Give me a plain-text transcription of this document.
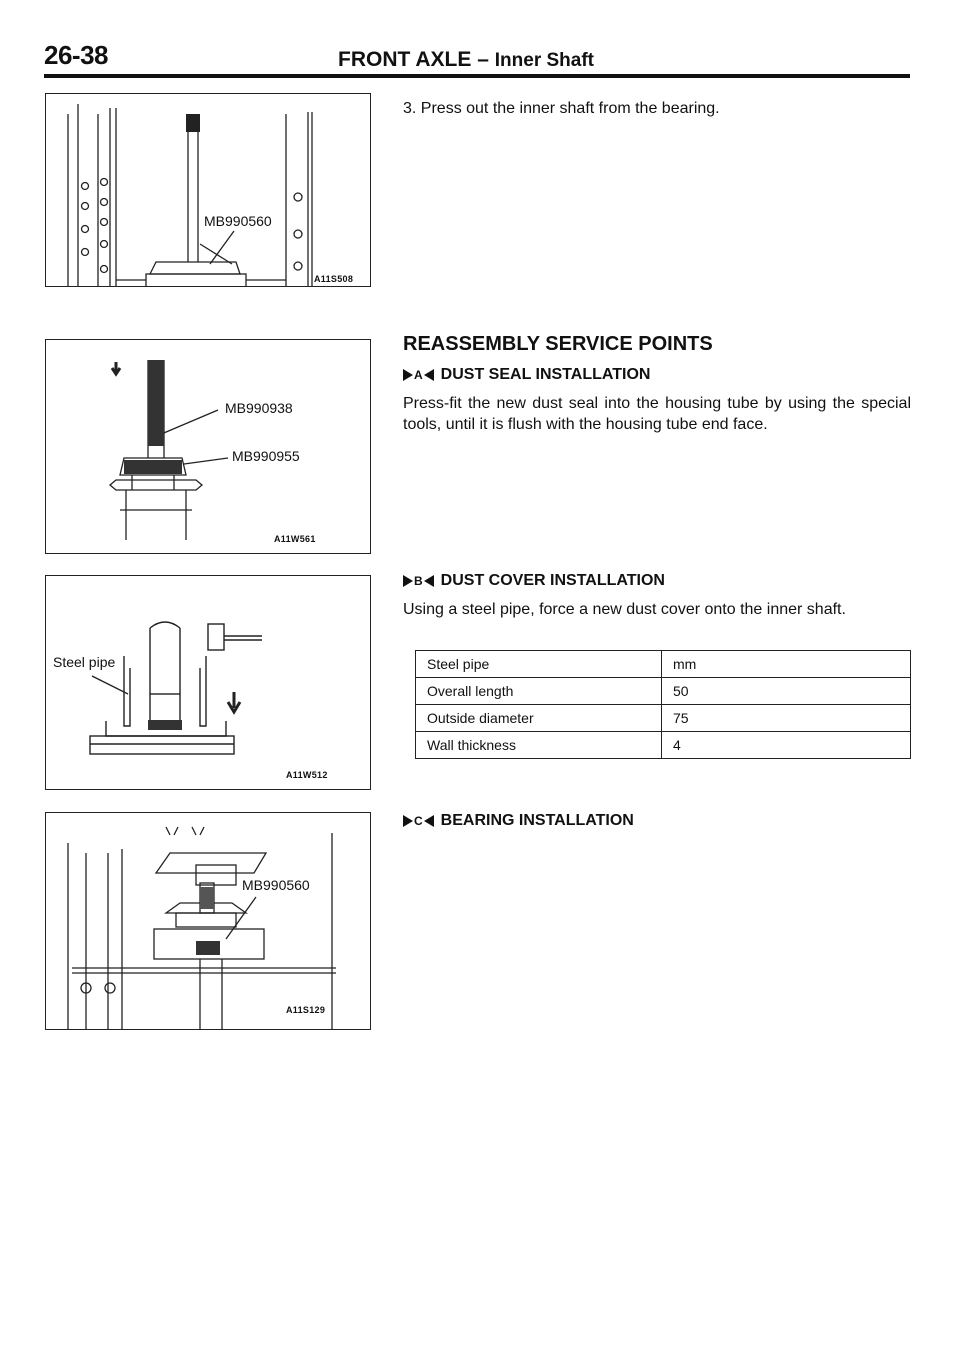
26-38	FRONT AXLE – Inner Shaft
MB990560
A11S508
MB990938
MB990955
A11W561
Steel pipe
A11W512
MB990560
A11S129
3. Press out the inner shaft from the bearing.
REASSEMBLY SERVICE POINTS
A DUST SEAL INSTALLATION
Press-fit the new dust seal into the housing tube by using the special tools, until it is flush with the housing tube end face.
B DUST COVER INSTALLATION
Using a steel pipe, force a new dust cover onto the inner shaft.
Steel pipe	mm
Overall length	50
Outside diameter	75
Wall thickness	4
C BEARING INSTALLATION
